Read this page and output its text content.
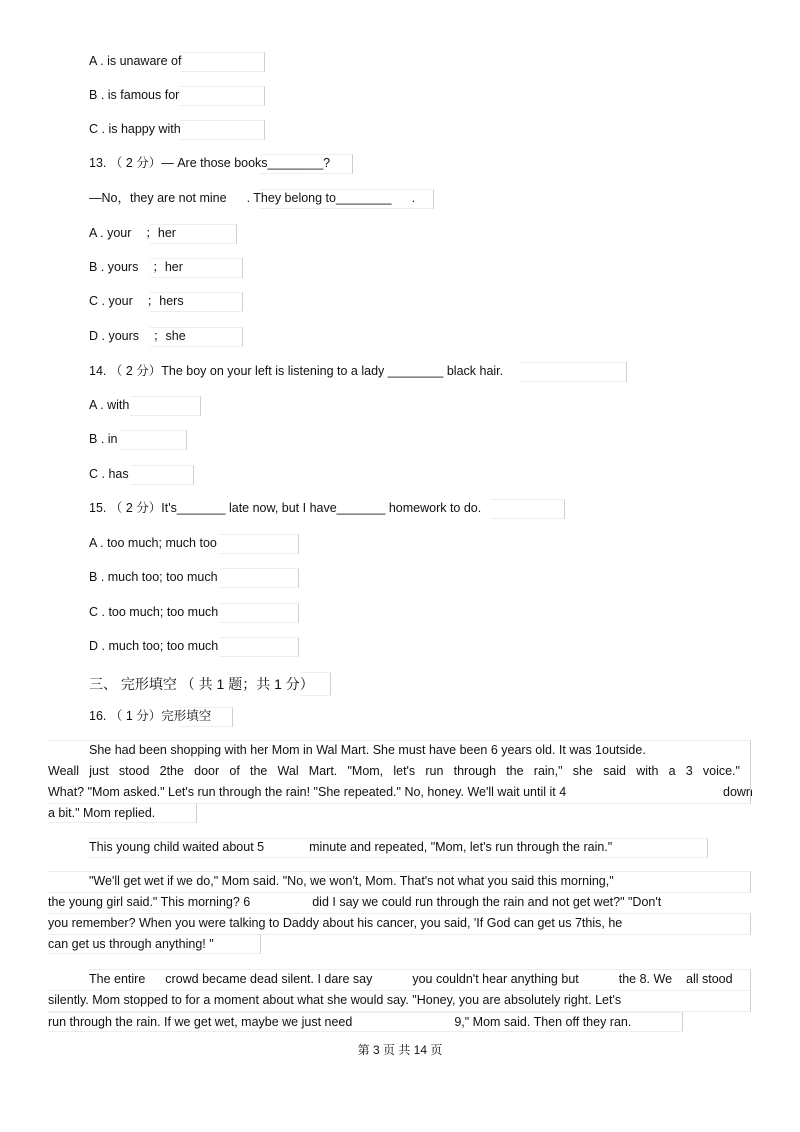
A . is unaware of
B . is famous for
C . is happy with
13. （ 2 分）— Are those books________?
—No，they are not mine . They belong to________ .
A . your ；her
B . yours ；her
C . your ；hers
D . yours ；she
14. （ 2 分）The boy on your left is listening to a lady ________ black hair.
A . with
B . in
C . has
15. （ 2 分）It's_______ late now, but I have_______ homework to do.
A . too much; much too
B . much too; too much
C . too much; too much
D . much too; too much
三、 完形填空 （ 共 1 题；共 1 分）
16. （ 1 分）完形填空
She had been shopping with her Mom in Wal Mart. She must have been 6 years old. It was 1outside.
Weall just stood 2the door of the Wal Mart. "Mom, let's run through the rain," she said with a 3 voice."
What? "Mom asked." Let's run through the rain! "She repeated." No, honey. We'll wait until it 4	down
a bit." Mom replied.
This young child waited about 5	minute and repeated, "Mom, let's run through the rain."
"We'll get wet if we do," Mom said. "No, we won't, Mom. That's not what you said this morning,"
the young girl said." This morning? 6	did I say we could run through the rain and not get wet?" "Don't
you remember? When you were talking to Daddy about his cancer, you said, 'If God can get us 7this, he
can get us through anything! "
The entire crowd became dead silent. I dare say	you couldn't hear anything but	the 8. We all stood
silently. Mom stopped to for a moment about what she would say. "Honey, you are absolutely right. Let's
run through the rain. If we get wet, maybe we just need	9," Mom said. Then off they ran.
第 3 页 共 14 页
